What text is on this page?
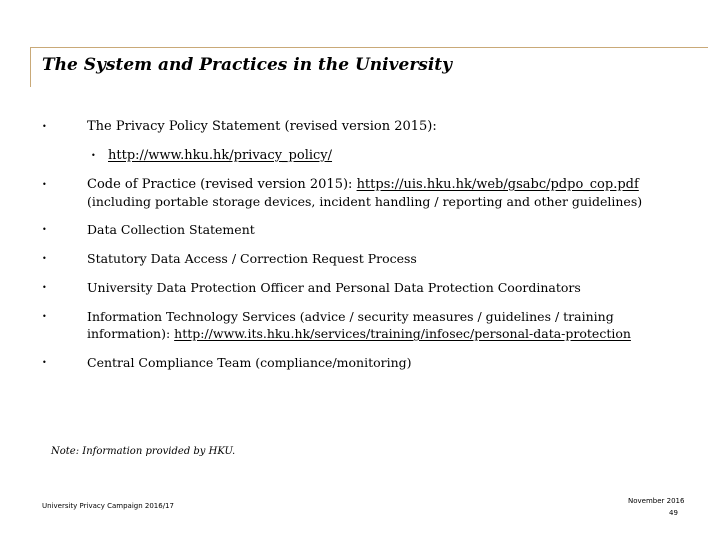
The System and Practices in the University
•	The Privacy Policy Statement (revised version 2015):
• http://www.hku.hk/privacy_policy/
•	Code of Practice (revised version 2015): https://uis.hku.hk/web/gsabc/pdpo_cop.pdf
(including portable storage devices, incident handling / reporting and other guidelines)
•	Data Collection Statement
•	Statutory Data Access / Correction Request Process
•	University Data Protection Officer and Personal Data Protection Coordinators
•	Information Technology Services (advice / security measures / guidelines / training
information): http://www.its.hku.hk/services/training/infosec/personal-data-protection
•	Central Compliance Team (compliance/monitoring)
Note: Information provided by HKU.
University Privacy Campaign 2016/17
November 2016
49
